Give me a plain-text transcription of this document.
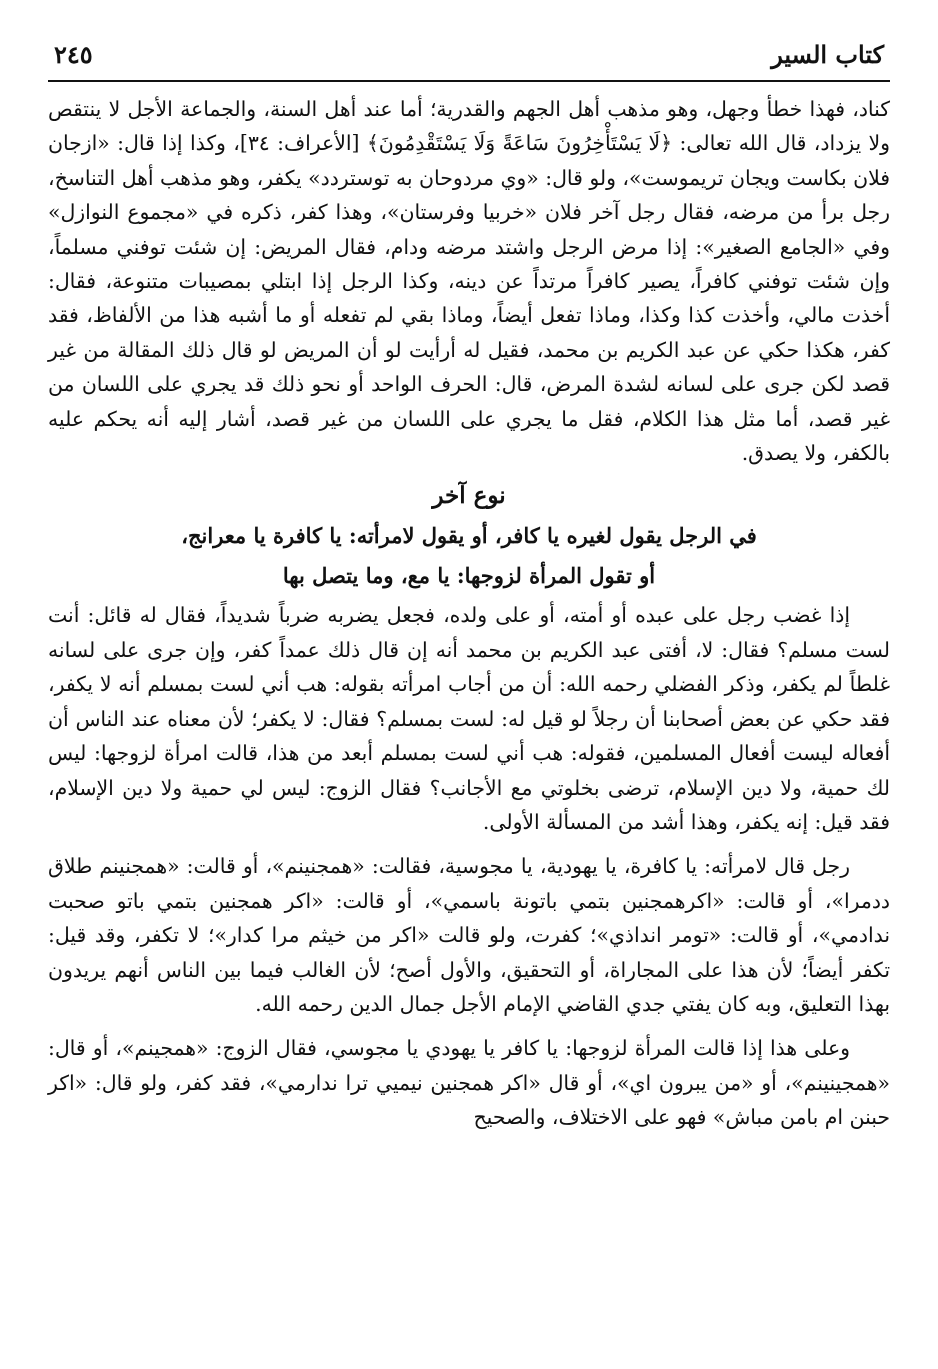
كتاب السير
٢٤٥

كناد، فهذا خطأ وجهل، وهو مذهب أهل الجهم والقدرية؛ أما عند أهل السنة، والجماعة الأجل لا ينتقص ولا يزداد، قال الله تعالى: ﴿لَا يَسْتَأْخِرُونَ سَاعَةً وَلَا يَسْتَقْدِمُونَ﴾ [الأعراف: ٣٤]، وكذا إذا قال: «ازجان فلان بكاست ويجان تريموست»، ولو قال: «وي مردوحان به توستردد» يكفر، وهو مذهب أهل التناسخ، رجل برأ من مرضه، فقال رجل آخر فلان «خربيا وفرستان»، وهذا كفر، ذكره في «مجموع النوازل» وفي «الجامع الصغير»: إذا مرض الرجل واشتد مرضه ودام، فقال المريض: إن شئت توفني مسلماً، وإن شئت توفني كافراً، يصير كافراً مرتداً عن دينه، وكذا الرجل إذا ابتلي بمصيبات متنوعة، فقال: أخذت مالي، وأخذت كذا وكذا، وماذا تفعل أيضاً، وماذا بقي لم تفعله أو ما أشبه هذا من الألفاظ، فقد كفر، هكذا حكي عن عبد الكريم بن محمد، فقيل له أرأيت لو أن المريض لو قال ذلك المقالة من غير قصد لكن جرى على لسانه لشدة المرض، قال: الحرف الواحد أو نحو ذلك قد يجري على اللسان من غير قصد، أما مثل هذا الكلام، فقل ما يجري على اللسان من غير قصد، أشار إليه أنه يحكم عليه بالكفر، ولا يصدق.

نوع آخر
في الرجل يقول لغيره يا كافر، أو يقول لامرأته: يا كافرة يا معرانج،
أو تقول المرأة لزوجها: يا مع، وما يتصل بها

إذا غضب رجل على عبده أو أمته، أو على ولده، فجعل يضربه ضرباً شديداً، فقال له قائل: أنت لست مسلم؟ فقال: لا، أفتى عبد الكريم بن محمد أنه إن قال ذلك عمداً كفر، وإن جرى على لسانه غلطاً لم يكفر، وذكر الفضلي رحمه الله: أن من أجاب امرأته بقوله: هب أني لست بمسلم أنه لا يكفر، فقد حكي عن بعض أصحابنا أن رجلاً لو قيل له: لست بمسلم؟ فقال: لا يكفر؛ لأن معناه عند الناس أن أفعاله ليست أفعال المسلمين، فقوله: هب أني لست بمسلم أبعد من هذا، قالت امرأة لزوجها: ليس لك حمية، ولا دين الإسلام، ترضى بخلوتي مع الأجانب؟ فقال الزوج: ليس لي حمية ولا دين الإسلام، فقد قيل: إنه يكفر، وهذا أشد من المسألة الأولى.

رجل قال لامرأته: يا كافرة، يا يهودية، يا مجوسية، فقالت: «همجنينم»، أو قالت: «همجنينم طلاق ددمرا»، أو قالت: «اكرهمجنين بتمي باتونة باسمي»، أو قالت: «اكر همجنين بتمي باتو صحبت ندادمي»، أو قالت: «تومر انداذي»؛ كفرت، ولو قالت «اكر من خيثم مرا كدار»؛ لا تكفر، وقد قيل: تكفر أيضاً؛ لأن هذا على المجاراة، أو التحقيق، والأول أصح؛ لأن الغالب فيما بين الناس أنهم يريدون بهذا التعليق، وبه كان يفتي جدي القاضي الإمام الأجل جمال الدين رحمه الله.

وعلى هذا إذا قالت المرأة لزوجها: يا كافر يا يهودي يا مجوسي، فقال الزوج: «همجينم»، أو قال: «همجينينم»، أو «من يبرون اي»، أو قال «اكر همجنين نيميي ترا ندارمي»، فقد كفر، ولو قال: «اكر حبنن ام بامن مباش» فهو على الاختلاف، والصحيح
